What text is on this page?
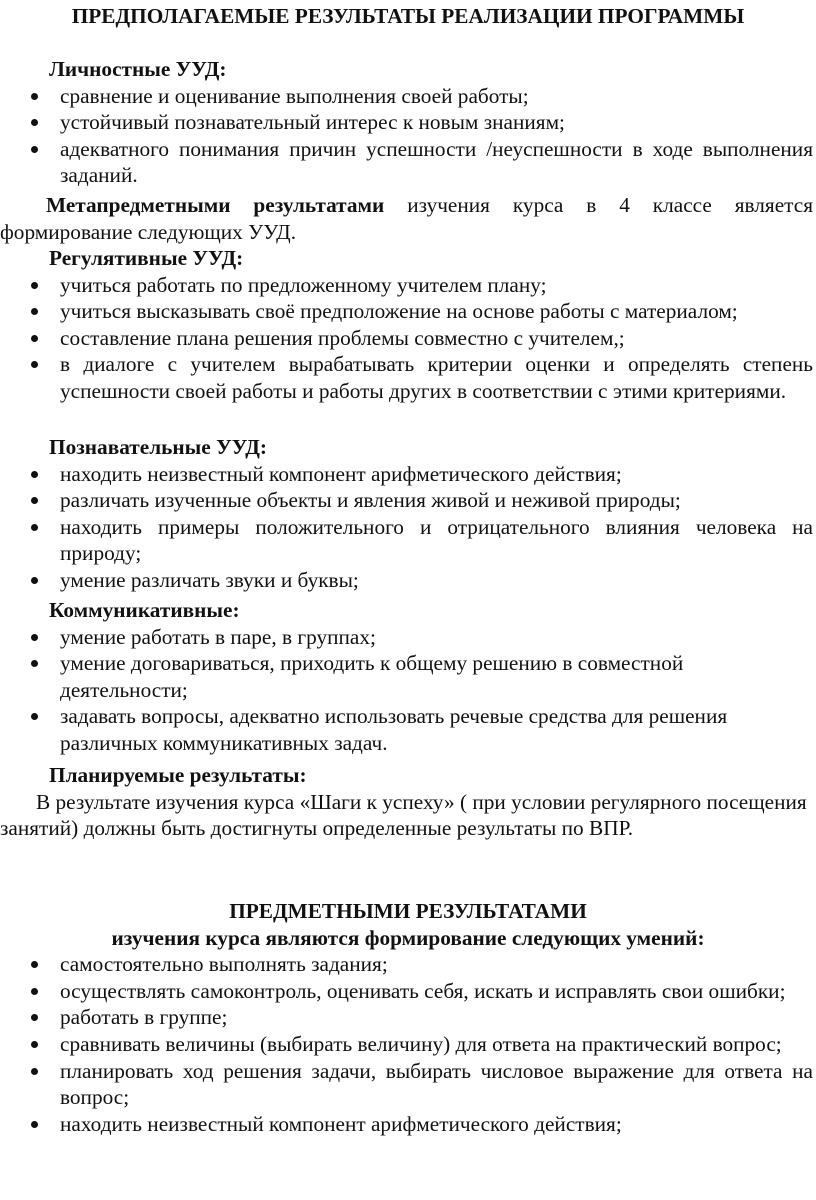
ПРЕДПОЛАГАЕМЫЕ РЕЗУЛЬТАТЫ РЕАЛИЗАЦИИ ПРОГРАММЫ
Личностные УУД:
сравнение и оценивание выполнения своей работы;
устойчивый познавательный интерес к новым знаниям;
адекватного понимания причин успешности /неуспешности в ходе выполнения заданий.
Метапредметными результатами изучения курса в 4 классе является формирование следующих УУД.
Регулятивные УУД:
учиться работать по предложенному учителем плану;
учиться высказывать своё предположение на основе работы с материалом;
составление плана решения проблемы совместно с учителем,;
в диалоге с учителем вырабатывать критерии оценки и определять степень успешности своей работы и работы других в соответствии с этими критериями.
Познавательные УУД:
находить неизвестный компонент арифметического действия;
различать изученные объекты и явления живой и неживой природы;
находить примеры положительного и отрицательного влияния человека на природу;
умение различать звуки и буквы;
Коммуникативные:
умение работать в паре, в группах;
умение договариваться, приходить к общему решению в совместной деятельности;
задавать вопросы, адекватно использовать речевые средства для решения различных коммуникативных задач.
Планируемые результаты:
В результате изучения курса «Шаги к успеху» ( при условии регулярного посещения занятий) должны быть достигнуты определенные результаты по ВПР.
ПРЕДМЕТНЫМИ РЕЗУЛЬТАТАМИ
изучения курса являются формирование следующих умений:
самостоятельно выполнять задания;
осуществлять самоконтроль, оценивать себя, искать и исправлять свои ошибки;
работать в группе;
сравнивать величины (выбирать величину) для ответа на практический вопрос;
планировать ход решения задачи, выбирать числовое выражение для ответа на вопрос;
находить неизвестный компонент арифметического действия;
